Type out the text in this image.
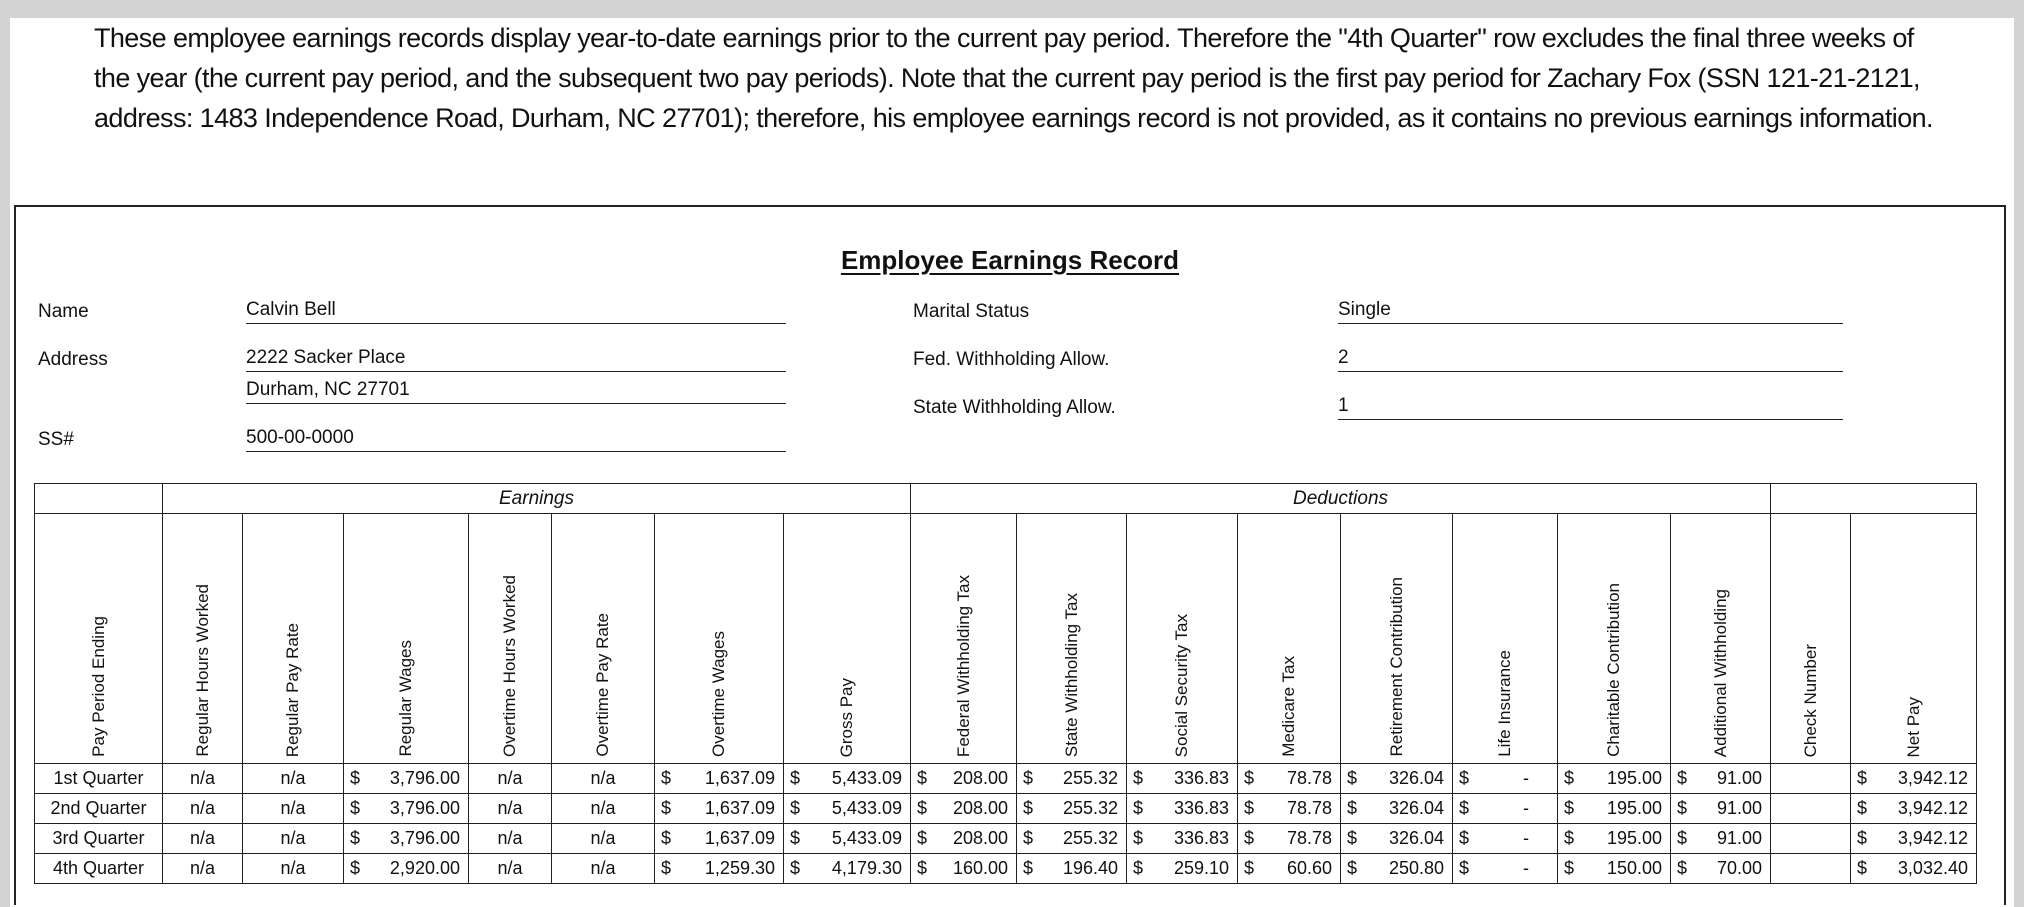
These employee earnings records display year-to-date earnings prior to the current pay period. Therefore the "4th Quarter" row excludes the final three weeks of the year (the current pay period, and the subsequent two pay periods). Note that the current pay period is the first pay period for Zachary Fox (SSN 121-21-2121, address: 1483 Independence Road, Durham, NC 27701); therefore, his employee earnings record is not provided, as it contains no previous earnings information.
Employee Earnings Record
Name	Calvin Bell
Address	2222 Sacker Place
Durham, NC 27701
SS#	500-00-0000
Marital Status	Single
Fed. Withholding Allow.	2
State Withholding Allow.	1
	Earnings							Deductions									

Pay Period Ending	Regular Hours Worked	Regular Pay Rate	Regular Wages	Overtime Hours Worked	Overtime Pay Rate	Overtime Wages	Gross Pay	Federal Withholding Tax	State Withholding Tax	Social Security Tax	Medicare Tax	Retirement Contribution	Life Insurance	Charitable Contribution	Additional Withholding	Check Number	Net Pay

1st Quarter	n/a	n/a	$ 3,796.00	n/a	n/a	$ 1,637.09	$ 5,433.09	$ 208.00	$ 255.32	$ 336.83	$ 78.78	$ 326.04	$ -	$ 195.00	$ 91.00		$ 3,942.12

2nd Quarter	n/a	n/a	$ 3,796.00	n/a	n/a	$ 1,637.09	$ 5,433.09	$ 208.00	$ 255.32	$ 336.83	$ 78.78	$ 326.04	$ -	$ 195.00	$ 91.00		$ 3,942.12

3rd Quarter	n/a	n/a	$ 3,796.00	n/a	n/a	$ 1,637.09	$ 5,433.09	$ 208.00	$ 255.32	$ 336.83	$ 78.78	$ 326.04	$ -	$ 195.00	$ 91.00		$ 3,942.12

4th Quarter	n/a	n/a	$ 2,920.00	n/a	n/a	$ 1,259.30	$ 4,179.30	$ 160.00	$ 196.40	$ 259.10	$ 60.60	$ 250.80	$ -	$ 150.00	$ 70.00		$ 3,032.40
